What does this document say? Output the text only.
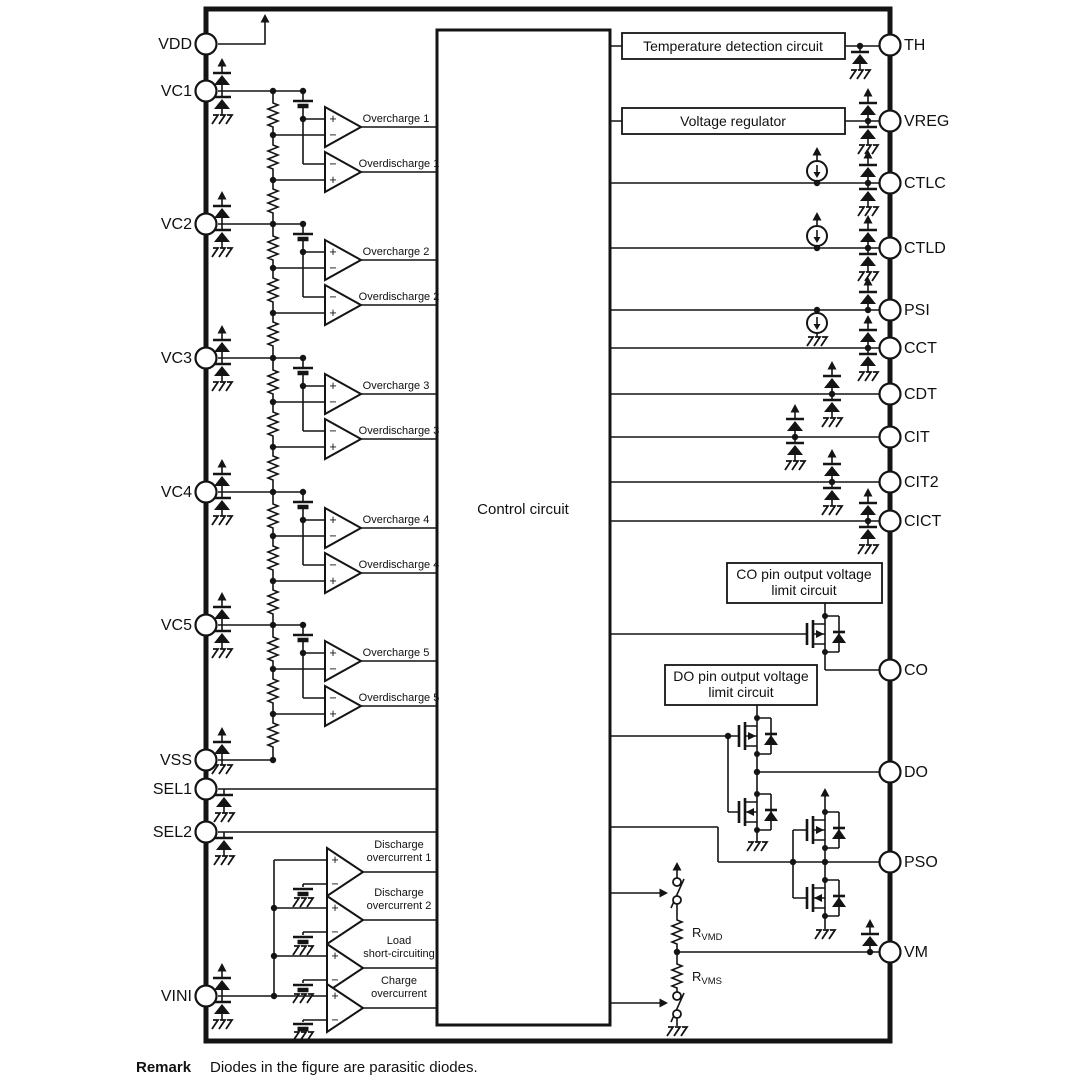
Control circuit
Temperature detection circuit
Voltage regulator
CO pin output voltage
limit circuit
DO pin output voltage
limit circuit
Overcharge 1
Overdischarge 1
Overcharge 2
Overdischarge 2
Overcharge 3
Overdischarge 3
Overcharge 4
Overdischarge 4
Overcharge 5
Overdischarge 5
Discharge
overcurrent 1
Discharge
overcurrent 2
Load
short-circuiting
Charge
overcurrent
+
−
−
+
+
−
−
+
+
−
−
+
+
−
−
+
+
−
−
+
+
−
+
−
+
−
+
−
$R_{VMD}$
$R_{VMS}$
VDD
VC1
VC2
VC3
VC4
VC5
VSS
SEL1
SEL2
VINI
TH
VREG
CTLC
CTLD
PSI
CCT
CDT
CIT
CIT2
CICT
CO
DO
PSO
VM
Remark Diodes in the figure are parasitic diodes.
